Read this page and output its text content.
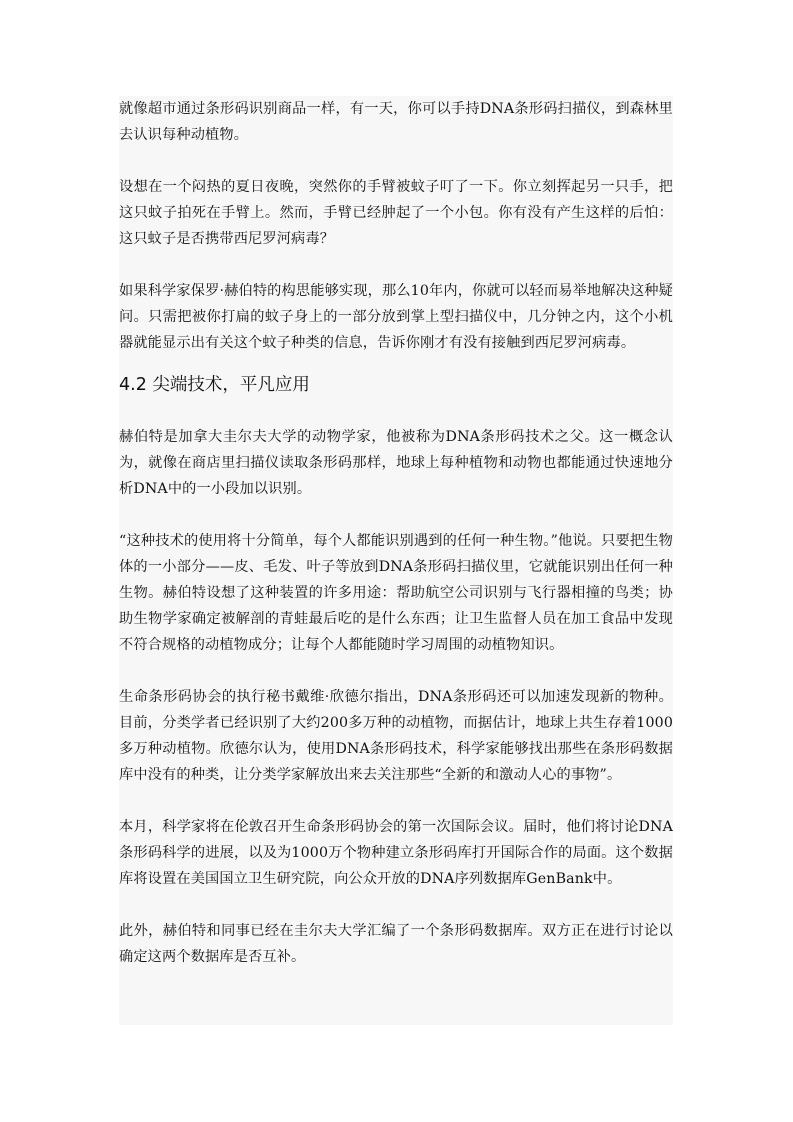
就像超市通过条形码识别商品一样，有一天，你可以手持DNA条形码扫描仪，到森林里去认识每种动植物。

设想在一个闷热的夏日夜晚，突然你的手臂被蚊子叮了一下。你立刻挥起另一只手，把这只蚊子拍死在手臂上。然而，手臂已经肿起了一个小包。你有没有产生这样的后怕：这只蚊子是否携带西尼罗河病毒？

如果科学家保罗·赫伯特的构思能够实现，那么10年内，你就可以轻而易举地解决这种疑问。只需把被你打扁的蚊子身上的一部分放到掌上型扫描仪中，几分钟之内，这个小机器就能显示出有关这个蚊子种类的信息，告诉你刚才有没有接触到西尼罗河病毒。

4.2 尖端技术，平凡应用

赫伯特是加拿大圭尔夫大学的动物学家，他被称为DNA条形码技术之父。这一概念认为，就像在商店里扫描仪读取条形码那样，地球上每种植物和动物也都能通过快速地分析DNA中的一小段加以识别。

“这种技术的使用将十分简单，每个人都能识别遇到的任何一种生物。”他说。只要把生物体的一小部分——皮、毛发、叶子等放到DNA条形码扫描仪里，它就能识别出任何一种生物。赫伯特设想了这种装置的许多用途：帮助航空公司识别与飞行器相撞的鸟类；协助生物学家确定被解剖的青蛙最后吃的是什么东西；让卫生监督人员在加工食品中发现不符合规格的动植物成分；让每个人都能随时学习周围的动植物知识。

生命条形码协会的执行秘书戴维·欣德尔指出，DNA条形码还可以加速发现新的物种。目前，分类学者已经识别了大约200多万种的动植物，而据估计，地球上共生存着1000多万种动植物。欣德尔认为，使用DNA条形码技术，科学家能够找出那些在条形码数据库中没有的种类，让分类学家解放出来去关注那些“全新的和激动人心的事物”。

本月，科学家将在伦敦召开生命条形码协会的第一次国际会议。届时，他们将讨论DNA条形码科学的进展，以及为1000万个物种建立条形码库打开国际合作的局面。这个数据库将设置在美国国立卫生研究院，向公众开放的DNA序列数据库GenBank中。

此外，赫伯特和同事已经在圭尔夫大学汇编了一个条形码数据库。双方正在进行讨论以确定这两个数据库是否互补。
